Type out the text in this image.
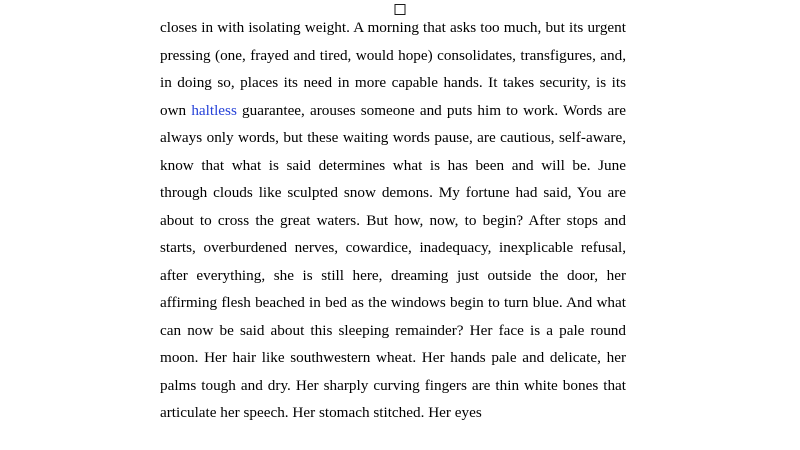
closes in with isolating weight. A morning that asks too much, but its urgent pressing (one, frayed and tired, would hope) consolidates, transfigures, and, in doing so, places its need in more capable hands. It takes security, is its own haltless guarantee, arouses someone and puts him to work. Words are always only words, but these waiting words pause, are cautious, self-aware, know that what is said determines what is has been and will be. June through clouds like sculpted snow demons. My fortune had said, You are about to cross the great waters. But how, now, to begin? After stops and starts, overburdened nerves, cowardice, inadequacy, inexplicable refusal, after everything, she is still here, dreaming just outside the door, her affirming flesh beached in bed as the windows begin to turn blue. And what can now be said about this sleeping remainder? Her face is a pale round moon. Her hair like southwestern wheat. Her hands pale and delicate, her palms tough and dry. Her sharply curving fingers are thin white bones that articulate her speech. Her stomach stitched. Her eyes
